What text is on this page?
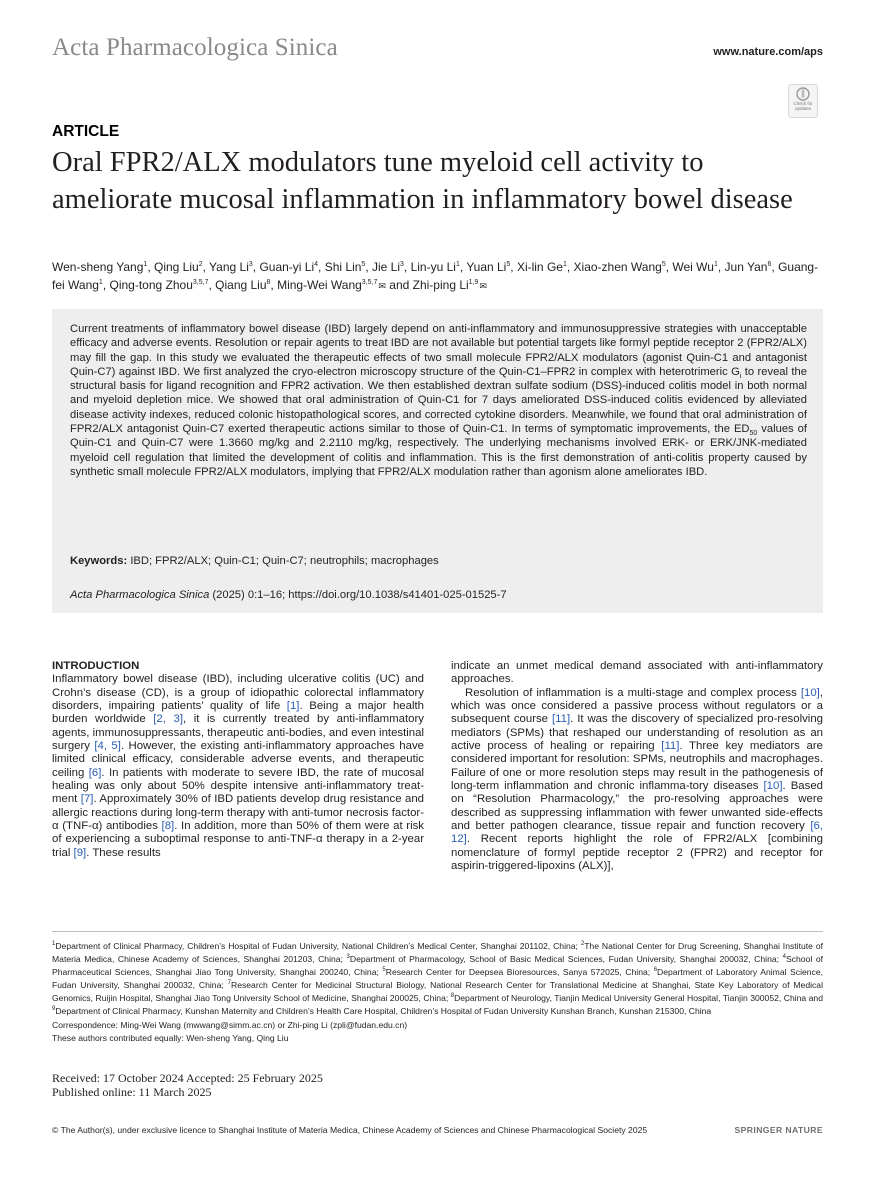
Acta Pharmacologica Sinica	www.nature.com/aps
Check for
updates
ARTICLE
Oral FPR2/ALX modulators tune myeloid cell activity to ameliorate mucosal inflammation in inflammatory bowel disease
Wen-sheng Yang$^1$, Qing Liu$^2$, Yang Li$^3$, Guan-yi Li$^4$, Shi Lin$^5$, Jie Li$^3$, Lin-yu Li$^1$, Yuan Li$^5$, Xi-lin Ge$^1$, Xiao-zhen Wang$^5$, Wei Wu$^1$, Jun Yan$^6$, Guang-fei Wang$^1$, Qing-tong Zhou$^{3,5,7}$, Qiang Liu$^8$, Ming-Wei Wang$^{3,5,7}$✉ and Zhi-ping Li$^{1,9}$✉

Current treatments of inflammatory bowel disease (IBD) largely depend on anti-inflammatory and immunosuppressive strategies with unacceptable efficacy and adverse events. Resolution or repair agents to treat IBD are not available but potential targets like formyl peptide receptor 2 (FPR2/ALX) may fill the gap. In this study we evaluated the therapeutic effects of two small molecule FPR2/ALX modulators (agonist Quin-C1 and antagonist Quin-C7) against IBD. We first analyzed the cryo-electron microscopy structure of the Quin-C1–FPR2 in complex with heterotrimeric $G_i$ to reveal the structural basis for ligand recognition and FPR2 activation. We then established dextran sulfate sodium (DSS)-induced colitis model in both normal and myeloid depletion mice. We showed that oral administration of Quin-C1 for 7 days ameliorated DSS-induced colitis evidenced by alleviated disease activity indexes, reduced colonic histopathological scores, and corrected cytokine disorders. Meanwhile, we found that oral administration of FPR2/ALX antagonist Quin-C7 exerted therapeutic actions similar to those of Quin-C1. In terms of symptomatic improvements, the $ED_{50}$ values of Quin-C1 and Quin-C7 were 1.3660 mg/kg and 2.2110 mg/kg, respectively. The underlying mechanisms involved ERK- or ERK/JNK-mediated myeloid cell regulation that limited the development of colitis and inflammation. This is the first demonstration of anti-colitis property caused by synthetic small molecule FPR2/ALX modulators, implying that FPR2/ALX modulation rather than agonism alone ameliorates IBD.

Keywords: IBD; FPR2/ALX; Quin-C1; Quin-C7; neutrophils; macrophages
Acta Pharmacologica Sinica (2025) 0:1–16; https://doi.org/10.1038/s41401-025-01525-7
INTRODUCTION

Inflammatory bowel disease (IBD), including ulcerative colitis (UC) and Crohn’s disease (CD), is a group of idiopathic colorectal inflammatory disorders, impairing patients’ quality of life [1]. Being a major health burden worldwide [2, 3], it is currently treated by anti-inflammatory agents, immunosuppressants, therapeutic anti-bodies, and even intestinal surgery [4, 5]. However, the existing anti-inflammatory approaches have limited clinical efficacy, considerable adverse events, and therapeutic ceiling [6]. In patients with moderate to severe IBD, the rate of mucosal healing was only about 50% despite intensive anti-inflammatory treat-ment [7]. Approximately 30% of IBD patients develop drug resistance and allergic reactions during long-term therapy with anti-tumor necrosis factor-α (TNF-α) antibodies [8]. In addition, more than 50% of them were at risk of experiencing a suboptimal response to anti-TNF-α therapy in a 2-year trial [9]. These results

indicate an unmet medical demand associated with anti-inflammatory approaches.

Resolution of inflammation is a multi-stage and complex process [10], which was once considered a passive process without regulators or a subsequent course [11]. It was the discovery of specialized pro-resolving mediators (SPMs) that reshaped our understanding of resolution as an active process of healing or repairing [11]. Three key mediators are considered important for resolution: SPMs, neutrophils and macrophages. Failure of one or more resolution steps may result in the pathogenesis of long-term inflammation and chronic inflamma-tory diseases [10]. Based on “Resolution Pharmacology,” the pro-resolving approaches were described as suppressing inflammation with fewer unwanted side-effects and better pathogen clearance, tissue repair and function recovery [6, 12]. Recent reports highlight the role of FPR2/ALX [combining nomenclature of formyl peptide receptor 2 (FPR2) and receptor for aspirin-triggered-lipoxins (ALX)],

$^1$Department of Clinical Pharmacy, Children’s Hospital of Fudan University, National Children’s Medical Center, Shanghai 201102, China; $^2$The National Center for Drug Screening, Shanghai Institute of Materia Medica, Chinese Academy of Sciences, Shanghai 201203, China; $^3$Department of Pharmacology, School of Basic Medical Sciences, Fudan University, Shanghai 200032, China; $^4$School of Pharmaceutical Sciences, Shanghai Jiao Tong University, Shanghai 200240, China; $^5$Research Center for Deepsea Bioresources, Sanya 572025, China; $^6$Department of Laboratory Animal Science, Fudan University, Shanghai 200032, China; $^7$Research Center for Medicinal Structural Biology, National Research Center for Translational Medicine at Shanghai, State Key Laboratory of Medical Genomics, Ruijin Hospital, Shanghai Jiao Tong University School of Medicine, Shanghai 200025, China; $^8$Department of Neurology, Tianjin Medical University General Hospital, Tianjin 300052, China and $^9$Department of Clinical Pharmacy, Kunshan Maternity and Children’s Health Care Hospital, Children’s Hospital of Fudan University Kunshan Branch, Kunshan 215300, China

Correspondence: Ming-Wei Wang (mwwang@simm.ac.cn) or Zhi-ping Li (zpli@fudan.edu.cn)

These authors contributed equally: Wen-sheng Yang, Qing Liu

Received: 17 October 2024 Accepted: 25 February 2025
Published online: 11 March 2025
© The Author(s), under exclusive licence to Shanghai Institute of Materia Medica, Chinese Academy of Sciences and Chinese Pharmacological Society 2025	SPRINGER NATURE
